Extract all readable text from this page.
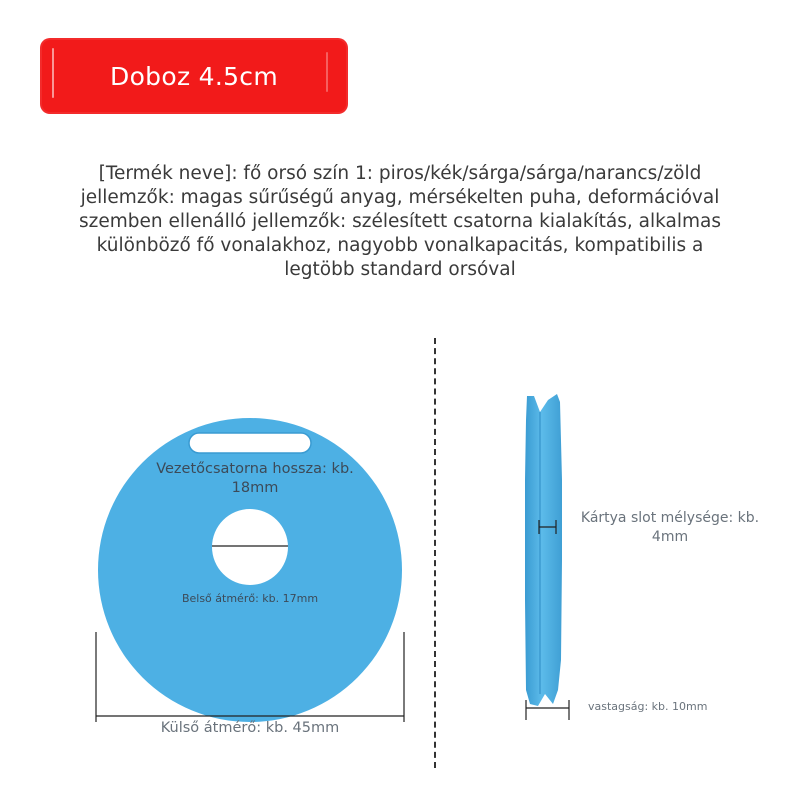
Doboz 4.5cm
[Termék neve]: fő orsó szín 1: piros/kék/sárga/sárga/narancs/zöld
jellemzők: magas sűrűségű anyag, mérsékelten puha, deformációval
szemben ellenálló jellemzők: szélesített csatorna kialakítás, alkalmas
különböző fő vonalakhoz, nagyobb vonalkapacitás, kompatibilis a
legtöbb standard orsóval
Vezetőcsatorna hossza: kb. 18mm
Belső átmérő: kb. 17mm
Külső átmérő: kb. 45mm
Kártya slot mélysége: kb. 4mm
vastagság: kb. 10mm
